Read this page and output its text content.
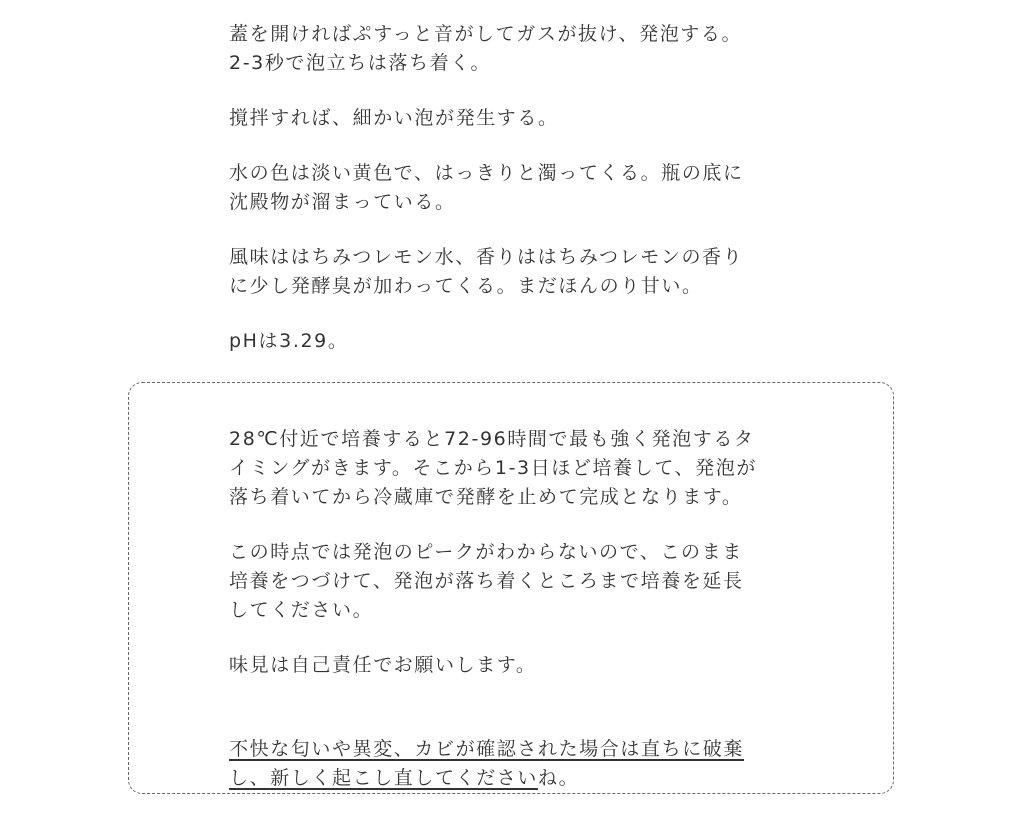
蓋を開ければぷすっと音がしてガスが抜け、発泡する。
2-3秒で泡立ちは落ち着く。

撹拌すれば、細かい泡が発生する。

水の色は淡い黄色で、はっきりと濁ってくる。瓶の底に
沈殿物が溜まっている。

風味ははちみつレモン水、香りははちみつレモンの香り
に少し発酵臭が加わってくる。まだほんのり甘い。

pHは3.29。

28℃付近で培養すると72-96時間で最も強く発泡するタ
イミングがきます。そこから1-3日ほど培養して、発泡が
落ち着いてから冷蔵庫で発酵を止めて完成となります。

この時点では発泡のピークがわからないので、このまま
培養をつづけて、発泡が落ち着くところまで培養を延長
してください。

味見は自己責任でお願いします。

不快な匂いや異変、カビが確認された場合は直ちに破棄
し、新しく起こし直してくださいね。
